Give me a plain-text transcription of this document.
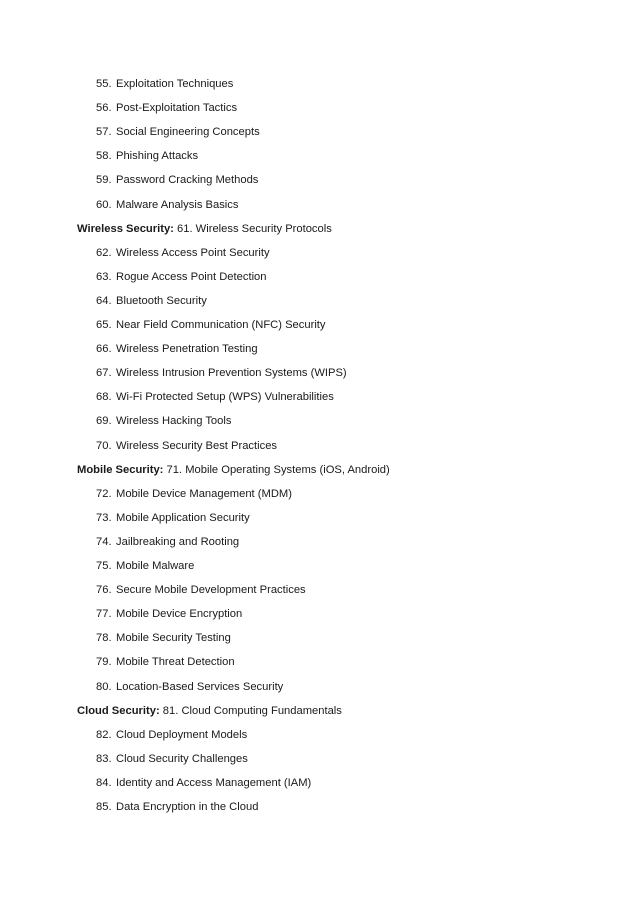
55. Exploitation Techniques
56. Post-Exploitation Tactics
57. Social Engineering Concepts
58. Phishing Attacks
59. Password Cracking Methods
60. Malware Analysis Basics
Wireless Security: 61. Wireless Security Protocols
62. Wireless Access Point Security
63. Rogue Access Point Detection
64. Bluetooth Security
65. Near Field Communication (NFC) Security
66. Wireless Penetration Testing
67. Wireless Intrusion Prevention Systems (WIPS)
68. Wi-Fi Protected Setup (WPS) Vulnerabilities
69. Wireless Hacking Tools
70. Wireless Security Best Practices
Mobile Security: 71. Mobile Operating Systems (iOS, Android)
72. Mobile Device Management (MDM)
73. Mobile Application Security
74. Jailbreaking and Rooting
75. Mobile Malware
76. Secure Mobile Development Practices
77. Mobile Device Encryption
78. Mobile Security Testing
79. Mobile Threat Detection
80. Location-Based Services Security
Cloud Security: 81. Cloud Computing Fundamentals
82. Cloud Deployment Models
83. Cloud Security Challenges
84. Identity and Access Management (IAM)
85. Data Encryption in the Cloud
